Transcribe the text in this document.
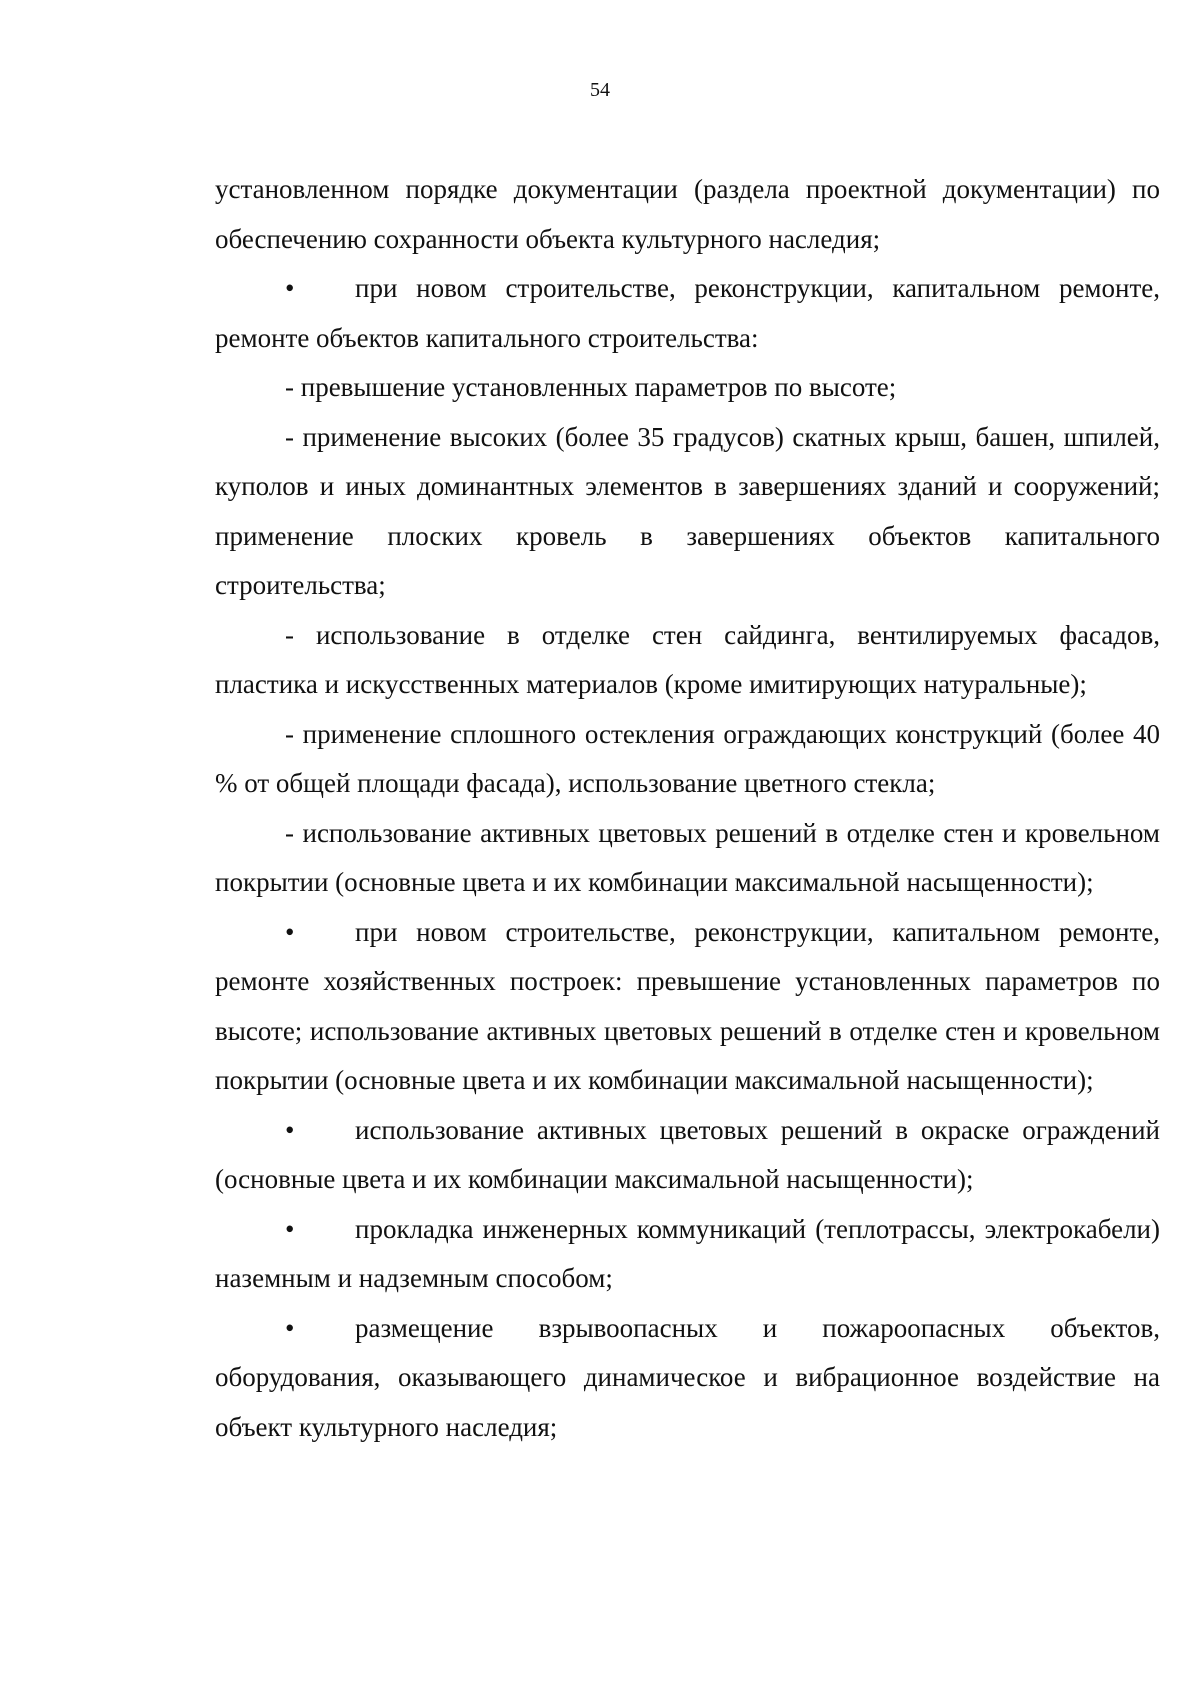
54

установленном порядке документации (раздела проектной документации) по обеспечению сохранности объекта культурного наследия;

• при новом строительстве, реконструкции, капитальном ремонте, ремонте объектов капитального строительства:

- превышение установленных параметров по высоте;

- применение высоких (более 35 градусов) скатных крыш, башен, шпилей, куполов и иных доминантных элементов в завершениях зданий и сооружений; применение плоских кровель в завершениях объектов капитального строительства;

- использование в отделке стен сайдинга, вентилируемых фасадов, пластика и искусственных материалов (кроме имитирующих натуральные);

- применение сплошного остекления ограждающих конструкций (более 40 % от общей площади фасада), использование цветного стекла;

- использование активных цветовых решений в отделке стен и кровельном покрытии (основные цвета и их комбинации максимальной насыщенности);

• при новом строительстве, реконструкции, капитальном ремонте, ремонте хозяйственных построек: превышение установленных параметров по высоте; использование активных цветовых решений в отделке стен и кровельном покрытии (основные цвета и их комбинации максимальной насыщенности);

• использование активных цветовых решений в окраске ограждений (основные цвета и их комбинации максимальной насыщенности);

• прокладка инженерных коммуникаций (теплотрассы, электрокабели) наземным и надземным способом;

• размещение взрывоопасных и пожароопасных объектов, оборудования, оказывающего динамическое и вибрационное воздействие на объект культурного наследия;
